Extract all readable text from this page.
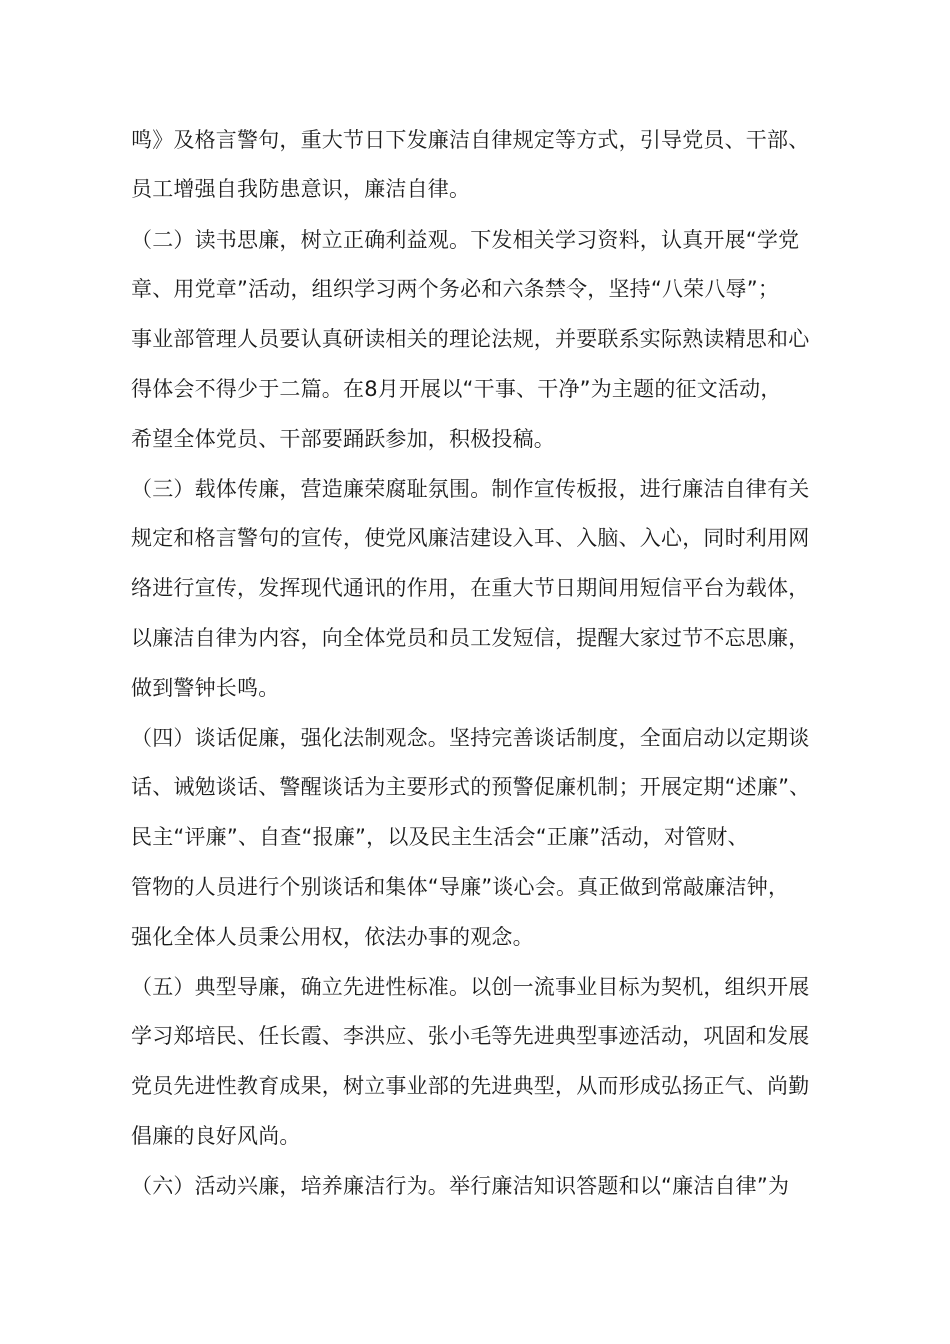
鸣》及格言警句，重大节日下发廉洁自律规定等方式，引导党员、干部、
员工增强自我防患意识，廉洁自律。
（二）读书思廉，树立正确利益观。下发相关学习资料，认真开展“学党
章、用党章”活动，组织学习两个务必和六条禁令，坚持“八荣八辱”；
事业部管理人员要认真研读相关的理论法规，并要联系实际熟读精思和心
得体会不得少于二篇。在8月开展以“干事、干净”为主题的征文活动，
希望全体党员、干部要踊跃参加，积极投稿。
（三）载体传廉，营造廉荣腐耻氛围。制作宣传板报，进行廉洁自律有关
规定和格言警句的宣传，使党风廉洁建设入耳、入脑、入心，同时利用网
络进行宣传，发挥现代通讯的作用，在重大节日期间用短信平台为载体，
以廉洁自律为内容，向全体党员和员工发短信，提醒大家过节不忘思廉，
做到警钟长鸣。
（四）谈话促廉，强化法制观念。坚持完善谈话制度，全面启动以定期谈
话、诫勉谈话、警醒谈话为主要形式的预警促廉机制；开展定期“述廉”、
民主“评廉”、自查“报廉”，以及民主生活会“正廉”活动，对管财、
管物的人员进行个别谈话和集体“导廉”谈心会。真正做到常敲廉洁钟，
强化全体人员秉公用权，依法办事的观念。
（五）典型导廉，确立先进性标准。以创一流事业目标为契机，组织开展
学习郑培民、任长霞、李洪应、张小毛等先进典型事迹活动，巩固和发展
党员先进性教育成果，树立事业部的先进典型，从而形成弘扬正气、尚勤
倡廉的良好风尚。
（六）活动兴廉，培养廉洁行为。举行廉洁知识答题和以“廉洁自律”为
